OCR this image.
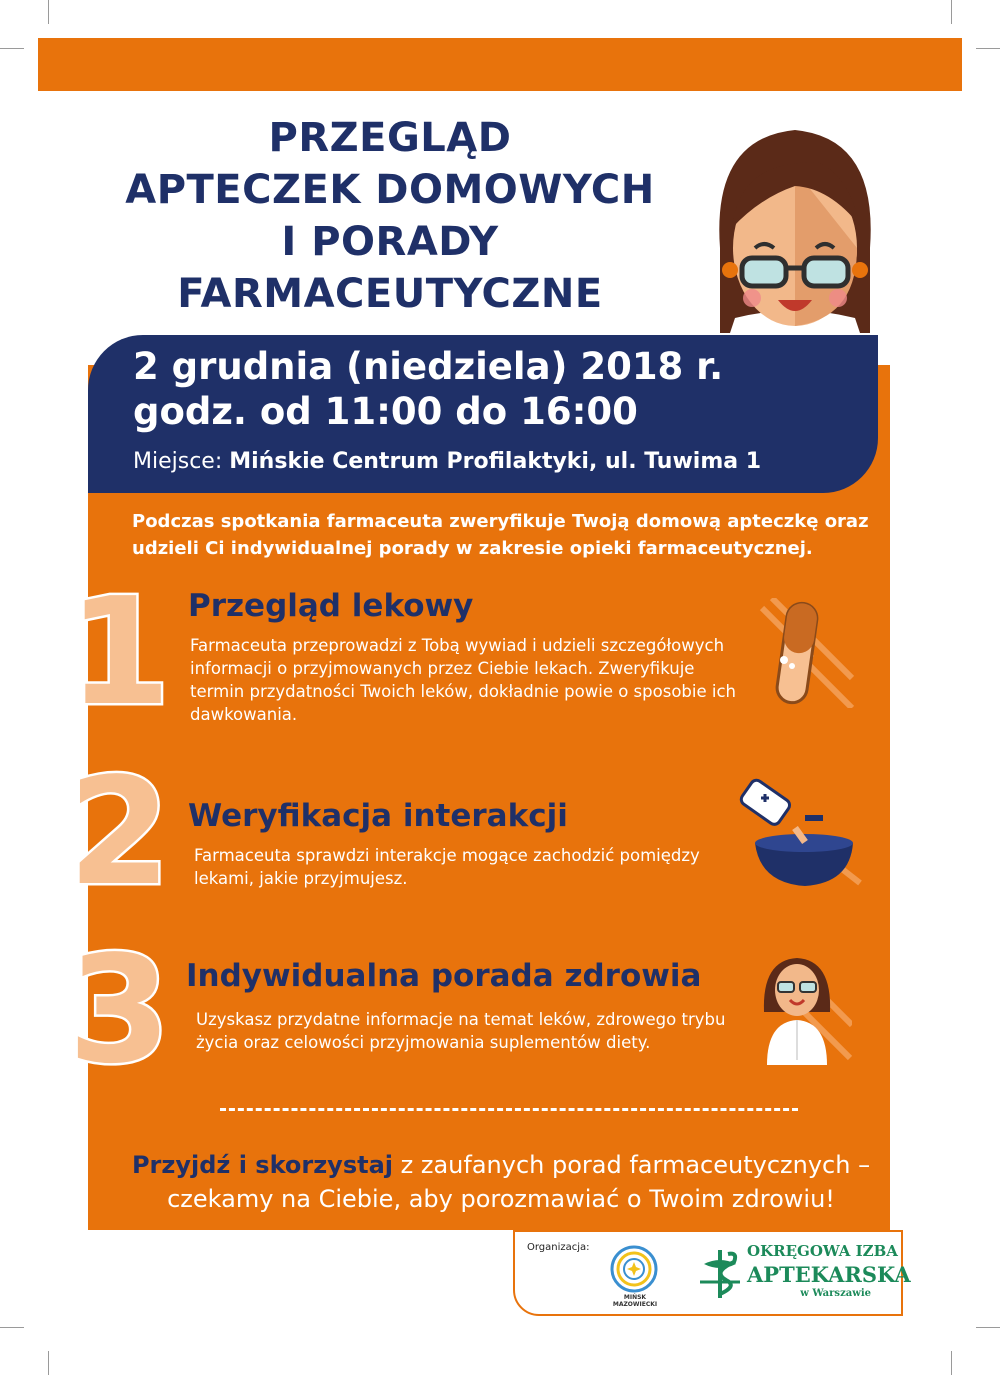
PRZEGLĄD
APTECZEK DOMOWYCH
I PORADY
FARMACEUTYCZNE
2 grudnia (niedziela) 2018 r.
godz. od 11:00 do 16:00
Miejsce: Mińskie Centrum Profilaktyki, ul. Tuwima 1
Podczas spotkania farmaceuta zweryfikuje Twoją domową apteczkę oraz udzieli Ci indywidualnej porady w zakresie opieki farmaceutycznej.
1 Przegląd lekowy
Farmaceuta przeprowadzi z Tobą wywiad i udzieli szczegółowych informacji o przyjmowanych przez Ciebie lekach. Zweryfikuje termin przydatności Twoich leków, dokładnie powie o sposobie ich dawkowania.
2 Weryfikacja interakcji
Farmaceuta sprawdzi interakcje mogące zachodzić pomiędzy lekami, jakie przyjmujesz.
3 Indywidualna porada zdrowia
Uzyskasz przydatne informacje na temat leków, zdrowego trybu życia oraz celowości przyjmowania suplementów diety.
Przyjdź i skorzystaj z zaufanych porad farmaceutycznych – czekamy na Ciebie, aby porozmawiać o Twoim zdrowiu!
Organizacja:
MIŃSK MAZOWIECKI
OKRĘGOWA IZBA
APTEKARSKA
w Warszawie
